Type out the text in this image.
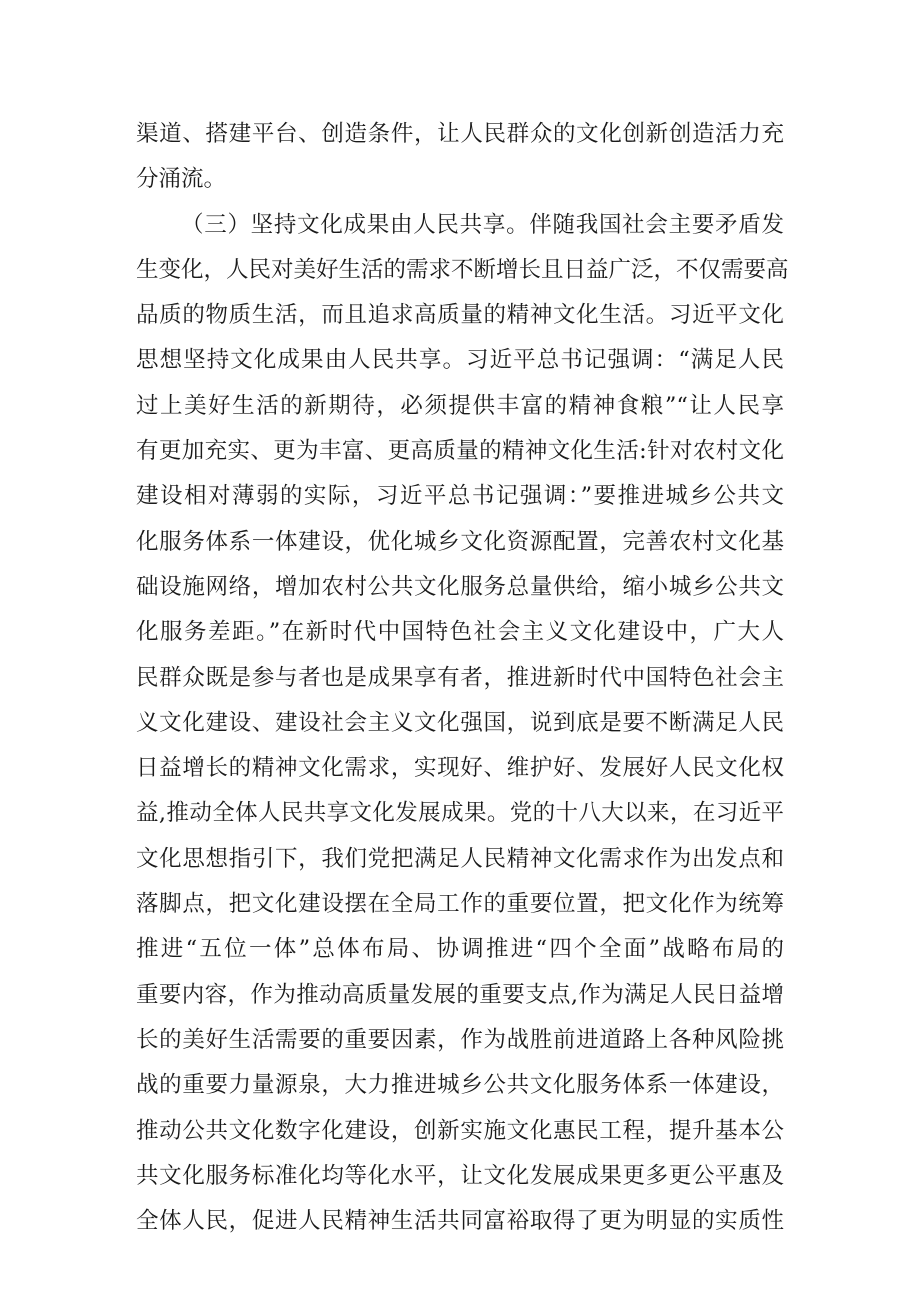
渠道、搭建平台、创造条件，让人民群众的文化创新创造活力充
分涌流。
（三）坚持文化成果由人民共享。伴随我国社会主要矛盾发
生变化，人民对美好生活的需求不断增长且日益广泛，不仅需要高
品质的物质生活，而且追求高质量的精神文化生活。习近平文化
思想坚持文化成果由人民共享。习近平总书记强调：“满足人民
过上美好生活的新期待，必须提供丰富的精神食粮”“让人民享
有更加充实、更为丰富、更高质量的精神文化生活:针对农村文化
建设相对薄弱的实际，习近平总书记强调：”要推进城乡公共文
化服务体系一体建设，优化城乡文化资源配置，完善农村文化基
础设施网络，增加农村公共文化服务总量供给，缩小城乡公共文
化服务差距。”在新时代中国特色社会主义文化建设中，广大人
民群众既是参与者也是成果享有者，推进新时代中国特色社会主
义文化建设、建设社会主义文化强国，说到底是要不断满足人民
日益增长的精神文化需求，实现好、维护好、发展好人民文化权
益,推动全体人民共享文化发展成果。党的十八大以来，在习近平
文化思想指引下，我们党把满足人民精神文化需求作为出发点和
落脚点，把文化建设摆在全局工作的重要位置，把文化作为统筹
推进“五位一体”总体布局、协调推进“四个全面”战略布局的
重要内容，作为推动高质量发展的重要支点,作为满足人民日益增
长的美好生活需要的重要因素，作为战胜前进道路上各种风险挑
战的重要力量源泉，大力推进城乡公共文化服务体系一体建设，
推动公共文化数字化建设，创新实施文化惠民工程，提升基本公
共文化服务标准化均等化水平，让文化发展成果更多更公平惠及
全体人民，促进人民精神生活共同富裕取得了更为明显的实质性
